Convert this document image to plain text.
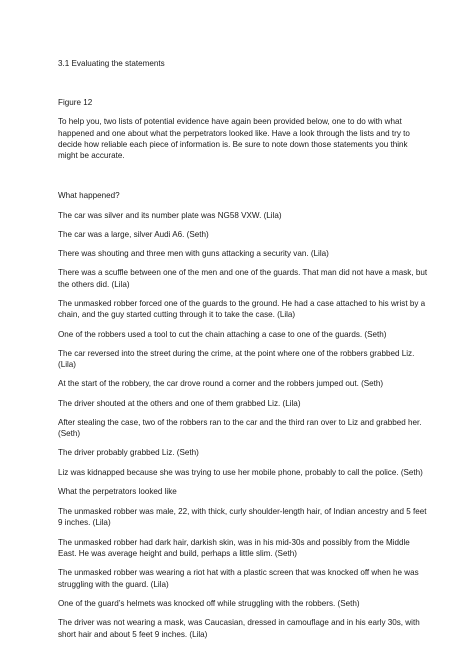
3.1 Evaluating the statements

Figure 12

To help you, two lists of potential evidence have again been provided below, one to do with what happened and one about what the perpetrators looked like. Have a look through the lists and try to decide how reliable each piece of information is. Be sure to note down those statements you think might be accurate.

What happened?

The car was silver and its number plate was NG58 VXW. (Lila)

The car was a large, silver Audi A6. (Seth)

There was shouting and three men with guns attacking a security van. (Lila)

There was a scuffle between one of the men and one of the guards. That man did not have a mask, but the others did. (Lila)

The unmasked robber forced one of the guards to the ground. He had a case attached to his wrist by a chain, and the guy started cutting through it to take the case. (Lila)

One of the robbers used a tool to cut the chain attaching a case to one of the guards. (Seth)

The car reversed into the street during the crime, at the point where one of the robbers grabbed Liz. (Lila)

At the start of the robbery, the car drove round a corner and the robbers jumped out. (Seth)

The driver shouted at the others and one of them grabbed Liz. (Lila)

After stealing the case, two of the robbers ran to the car and the third ran over to Liz and grabbed her. (Seth)

The driver probably grabbed Liz. (Seth)

Liz was kidnapped because she was trying to use her mobile phone, probably to call the police. (Seth)

What the perpetrators looked like

The unmasked robber was male, 22, with thick, curly shoulder-length hair, of Indian ancestry and 5 feet 9 inches. (Lila)

The unmasked robber had dark hair, darkish skin, was in his mid-30s and possibly from the Middle East. He was average height and build, perhaps a little slim. (Seth)

The unmasked robber was wearing a riot hat with a plastic screen that was knocked off when he was struggling with the guard. (Lila)

One of the guard’s helmets was knocked off while struggling with the robbers. (Seth)

The driver was not wearing a mask, was Caucasian, dressed in camouflage and in his early 30s, with short hair and about 5 feet 9 inches. (Lila)
